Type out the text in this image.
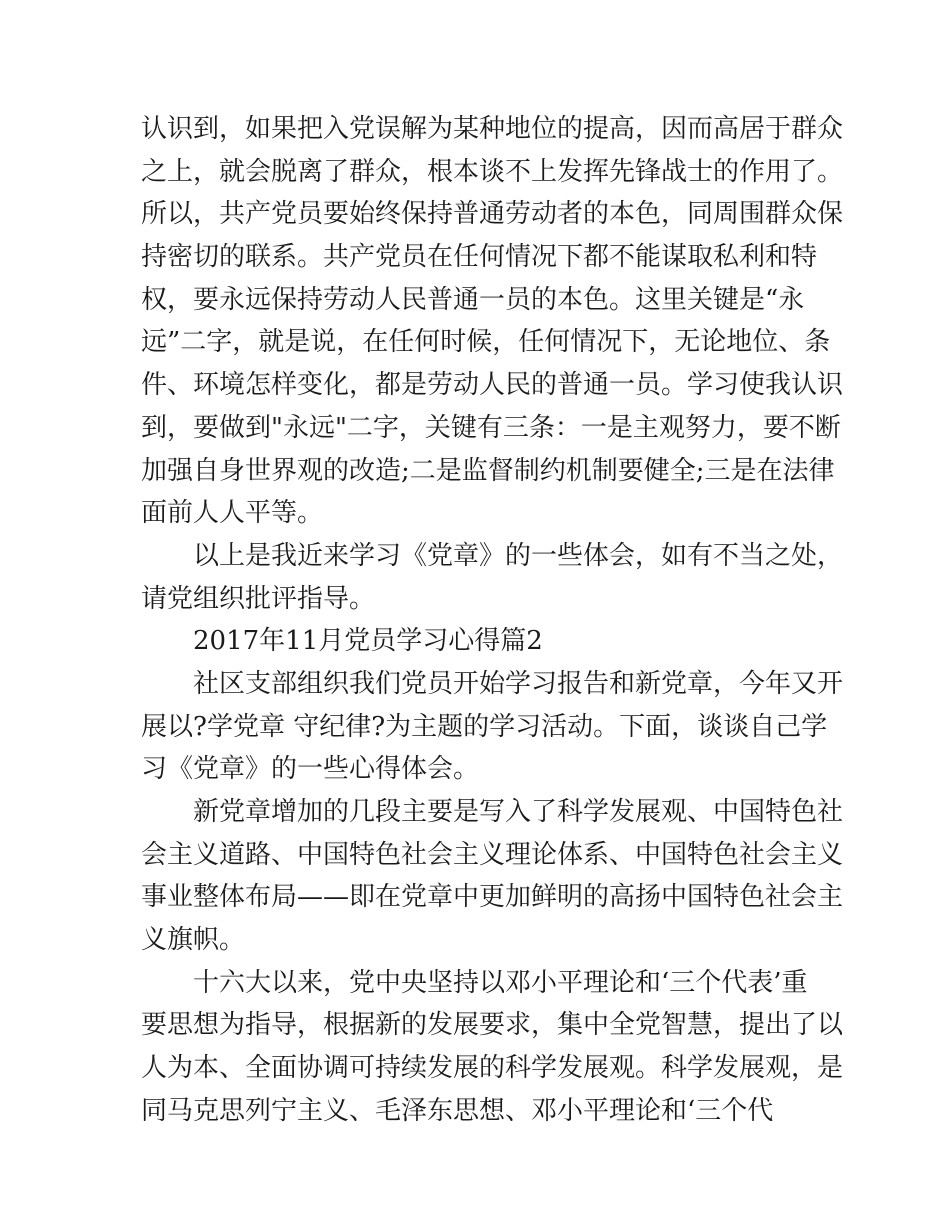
认识到，如果把入党误解为某种地位的提高，因而高居于群众
之上，就会脱离了群众，根本谈不上发挥先锋战士的作用了。
所以，共产党员要始终保持普通劳动者的本色，同周围群众保
持密切的联系。共产党员在任何情况下都不能谋取私利和特
权，要永远保持劳动人民普通一员的本色。这里关键是“永
远”二字，就是说，在任何时候，任何情况下，无论地位、条
件、环境怎样变化，都是劳动人民的普通一员。学习使我认识
到，要做到"永远"二字，关键有三条：一是主观努力，要不断
加强自身世界观的改造;二是监督制约机制要健全;三是在法律
面前人人平等。
以上是我近来学习《党章》的一些体会，如有不当之处，
请党组织批评指导。
2017年11月党员学习心得篇2
社区支部组织我们党员开始学习报告和新党章，今年又开
展以?学党章 守纪律?为主题的学习活动。下面，谈谈自己学
习《党章》的一些心得体会。
新党章增加的几段主要是写入了科学发展观、中国特色社
会主义道路、中国特色社会主义理论体系、中国特色社会主义
事业整体布局——即在党章中更加鲜明的高扬中国特色社会主
义旗帜。
十六大以来，党中央坚持以邓小平理论和‘三个代表’重
要思想为指导，根据新的发展要求，集中全党智慧，提出了以
人为本、全面协调可持续发展的科学发展观。科学发展观，是
同马克思列宁主义、毛泽东思想、邓小平理论和‘三个代
